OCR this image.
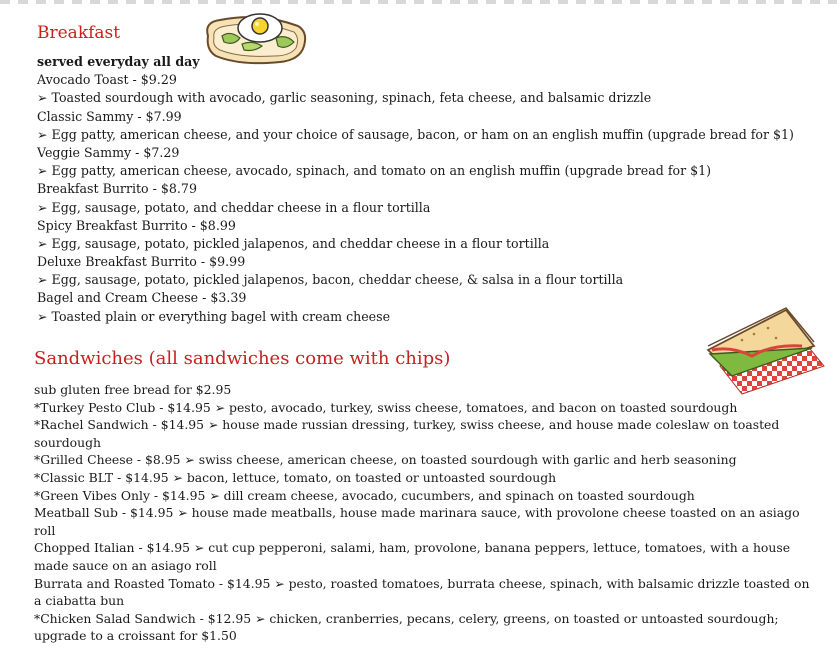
Breakfast
served everyday all day
Avocado Toast - $9.29
➢ Toasted sourdough with avocado, garlic seasoning, spinach, feta cheese, and balsamic drizzle
Classic Sammy - $7.99
➢ Egg patty, american cheese, and your choice of sausage, bacon, or ham on an english muffin (upgrade bread for $1)
Veggie Sammy - $7.29
➢ Egg patty, american cheese, avocado, spinach, and tomato on an english muffin (upgrade bread for $1)
Breakfast Burrito - $8.79
➢ Egg, sausage, potato, and cheddar cheese in a flour tortilla
Spicy Breakfast Burrito - $8.99
➢ Egg, sausage, potato, pickled jalapenos, and cheddar cheese in a flour tortilla
Deluxe Breakfast Burrito - $9.99
➢ Egg, sausage, potato, pickled jalapenos, bacon, cheddar cheese, & salsa in a flour tortilla
Bagel and Cream Cheese - $3.39
➢ Toasted plain or everything bagel with cream cheese
Sandwiches (all sandwiches come with chips)
sub gluten free bread for $2.95
*Turkey Pesto Club - $14.95 ➢ pesto, avocado, turkey, swiss cheese, tomatoes, and bacon on toasted sourdough
*Rachel Sandwich - $14.95 ➢ house made russian dressing, turkey, swiss cheese, and house made coleslaw on toasted sourdough
*Grilled Cheese - $8.95 ➢ swiss cheese, american cheese, on toasted sourdough with garlic and herb seasoning
*Classic BLT - $14.95 ➢ bacon, lettuce, tomato, on toasted or untoasted sourdough
*Green Vibes Only - $14.95 ➢ dill cream cheese, avocado, cucumbers, and spinach on toasted sourdough
Meatball Sub - $14.95 ➢ house made meatballs, house made marinara sauce, with provolone cheese toasted on an asiago roll
Chopped Italian - $14.95 ➢ cut cup pepperoni, salami, ham, provolone, banana peppers, lettuce, tomatoes, with a house made sauce on an asiago roll
Burrata and Roasted Tomato - $14.95 ➢ pesto, roasted tomatoes, burrata cheese, spinach, with balsamic drizzle toasted on a ciabatta bun
*Chicken Salad Sandwich - $12.95 ➢ chicken, cranberries, pecans, celery, greens, on toasted or untoasted sourdough; upgrade to a croissant for $1.50
